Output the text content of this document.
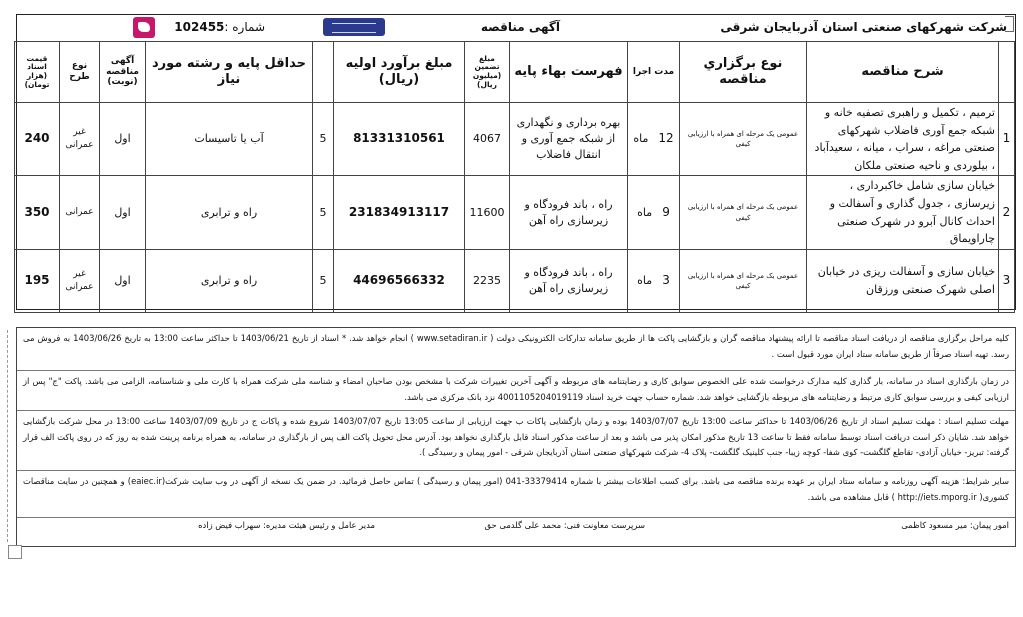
شرکت شهرکهای صنعتی استان آذربایجان شرقی
آگهی مناقصه
شماره :102455
	شرح مناقصه	نوع برگزاري مناقصه	مدت اجرا	فهرست بهاء پایه	مبلغ تضمین (میلیون ریال)	مبلغ برآورد اولیه (ریال)		حداقل پایه و رشته مورد نیاز	آگهی مناقصه (نوبت)	نوع طرح	قیمت اسناد (هزار تومان)
1	ترمیم ، تکمیل و راهبری تصفیه خانه و شبکه جمع آوری فاضلاب شهرکهای صنعتی مراغه ، سراب ، میانه ، سعیدآباد ، بیلوردی و ناحیه صنعتی ملکان	عمومی یک مرحله ای همراه با ارزیابی کیفی	12ماه	بهره برداری و نگهداری از شبکه جمع آوری و انتقال فاضلاب	4067	81331310561	5	آب یا تاسیسات	اول	غیر عمرانی	240
2	خیابان سازی شامل خاکبرداری ، زیرسازی ، جدول گذاری و آسفالت و احداث کانال آبرو در شهرک صنعتی چاراویماق	عمومی یک مرحله ای همراه با ارزیابی کیفی	9ماه	راه ، باند فرودگاه و زیرسازی راه آهن	11600	231834913117	5	راه و ترابری	اول	عمرانی	350
3	خیابان سازی و آسفالت ریزی در خیابان اصلی شهرک صنعتی ورزقان	عمومی یک مرحله ای همراه با ارزیابی کیفی	3ماه	راه ، باند فرودگاه و زیرسازی راه آهن	2235	44696566332	5	راه و ترابری	اول	غیر عمرانی	195
کلیه مراحل برگزاری مناقصه از دریافت اسناد مناقصه تا ارائه پیشنهاد مناقصه گران و بازگشایی پاکت ها از طریق سامانه تدارکات الکترونیکی دولت ( www.setadiran.ir ) انجام خواهد شد. * اسناد از تاریخ 1403/06/21 تا حداکثر ساعت 13:00 به تاریخ 1403/06/26 به فروش می رسد. تهیه اسناد صرفاً از طریق سامانه ستاد ایران مورد قبول است .
در زمان بارگذاری اسناد در سامانه، بار گذاری کلیه مدارک درخواست شده علی الخصوص سوابق کاری و رضایتنامه های مربوطه و آگهی آخرین تغییرات شرکت با مشخص بودن صاحبان امضاء و شناسه ملی شرکت همراه با کارت ملی و شناسنامه، الزامی می باشد. پاکت "ج" پس از ارزیابی کیفی و بررسی سوابق کاری مرتبط و رضایتنامه های مربوطه بازگشایی خواهد شد. شماره حساب جهت خرید اسناد 4001105204019119 نزد بانک مرکزی می باشد.
مهلت تسلیم اسناد : مهلت تسلیم اسناد از تاریخ 1403/06/26 تا حداکثر ساعت 13:00 تاریخ 1403/07/07 بوده و زمان بازگشایی پاکات ب جهت ارزیابی از ساعت 13:05 تاریخ 1403/07/07 شروع شده و پاکات ج در تاریخ 1403/07/09 ساعت 13:00 در محل شرکت بازگشایی خواهد شد. شایان ذکر است دریافت اسناد توسط سامانه فقط تا ساعت 13 تاریخ مذکور امکان پذیر می باشد و بعد از ساعت مذکور اسناد قابل بارگذاری نخواهد بود. آدرس محل تحویل پاکت الف پس از بارگذاری در سامانه، به همراه برنامه پرینت شده به روز که در روی پاکت الف قرار گرفته: تبریز- خیابان آزادی- تقاطع گلگشت- کوی شفا- کوچه زیبا- جنب کلینیک گلگشت- پلاک 4- شرکت شهرکهای صنعتی استان آذربایجان شرقی - امور پیمان و رسیدگی ).
سایر شرایط: هزینه آگهی روزنامه و سامانه ستاد ایران بر عهده برنده مناقصه می باشد. برای کسب اطلاعات بیشتر با شماره 33379414-041 (امور پیمان و رسیدگی ) تماس حاصل فرمائید. در ضمن یک نسخه از آگهی در وب سایت شرکت(eaiec.ir) و همچنین در سایت مناقصات کشوری( http://iets.mporg.ir ) قابل مشاهده می باشد.
امور پیمان: میر مسعود کاظمی
سرپرست معاونت فنی: محمد علی گلدمی حق
مدیر عامل و رئیس هیئت مدیره: سهراب فیض زاده
